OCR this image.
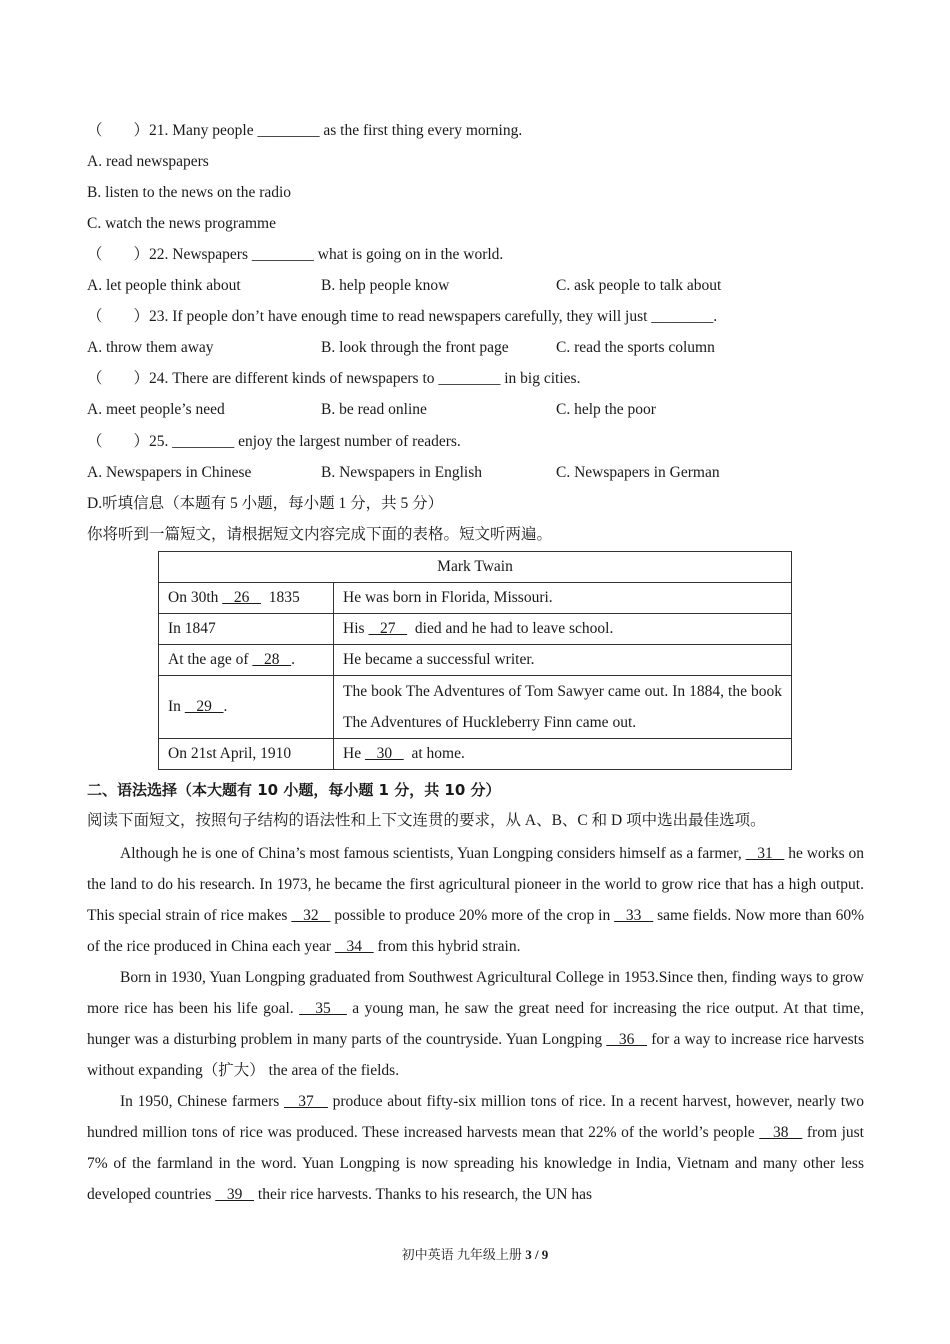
（　　）21. Many people ________ as the first thing every morning.
A. read newspapers
B. listen to the news on the radio
C. watch the news programme
（　　）22. Newspapers ________ what is going on in the world.
A. let people think about	B. help people know	C. ask people to talk about
（　　）23. If people don’t have enough time to read newspapers carefully, they will just ________.
A. throw them away	B. look through the front page	C. read the sports column
（　　）24. There are different kinds of newspapers to ________ in big cities.
A. meet people’s need	B. be read online	C. help the poor
（　　）25. ________ enjoy the largest number of readers.
A. Newspapers in Chinese	B. Newspapers in English	C. Newspapers in German
D.听填信息（本题有 5 小题，每小题 1 分，共 5 分）
你将听到一篇短文，请根据短文内容完成下面的表格。短文听两遍。
Mark Twain	
On 30th    26     1835	He was born in Florida, Missouri.
In 1847	His    27     died and he had to leave school.
At the age of    28   .	He became a successful writer.
In    29   .	The book The Adventures of Tom Sawyer came out. In 1884, the book The Adventures of Huckleberry Finn came out.
On 21st April, 1910	He    30     at home.
二、语法选择（本大题有 10 小题，每小题 1 分，共 10 分）
阅读下面短文，按照句子结构的语法性和上下文连贯的要求，从 A、B、C 和 D 项中选出最佳选项。

Although he is one of China’s most famous scientists, Yuan Longping considers himself as a farmer,    31    he works on the land to do his research. In 1973, he became the first agricultural pioneer in the world to grow rice that has a high output. This special strain of rice makes    32    possible to produce 20% more of the crop in    33    same fields. Now more than 60% of the rice produced in China each year    34    from this hybrid strain.

Born in 1930, Yuan Longping graduated from Southwest Agricultural College in 1953.Since then, finding ways to grow more rice has been his life goal.    35    a young man, he saw the great need for increasing the rice output. At that time, hunger was a disturbing problem in many parts of the countryside. Yuan Longping    36    for a way to increase rice harvests without expanding（扩大） the area of the fields.

In 1950, Chinese farmers    37    produce about fifty-six million tons of rice. In a recent harvest, however, nearly two hundred million tons of rice was produced. These increased harvests mean that 22% of the world’s people    38    from just 7% of the farmland in the word. Yuan Longping is now spreading his knowledge in India, Vietnam and many other less developed countries    39    their rice harvests. Thanks to his research, the UN has

初中英语 九年级上册 3 / 9
